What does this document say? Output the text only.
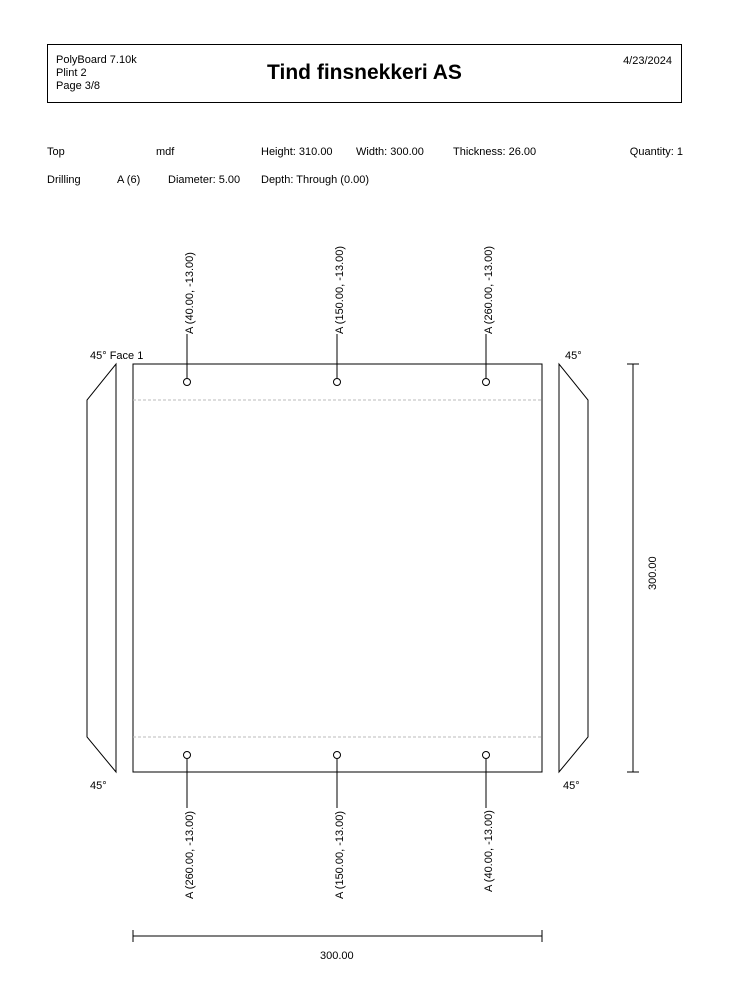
PolyBoard 7.10k
Plint 2
Page 3/8
Tind finsnekkeri AS	4/23/2024
Top	mdf	Height: 310.00 Width: 300.00	Thickness: 26.00	Quantity: 1
Drilling	A (6)	Diameter: 5.00 Depth: Through (0.00)
45° Face 1	45°
45°	45°
A (40.00, -13.00)	A (150.00, -13.00)	A (260.00, -13.00)
A (260.00, -13.00)	A (150.00, -13.00)	A (40.00, -13.00)
300.00
300.00
